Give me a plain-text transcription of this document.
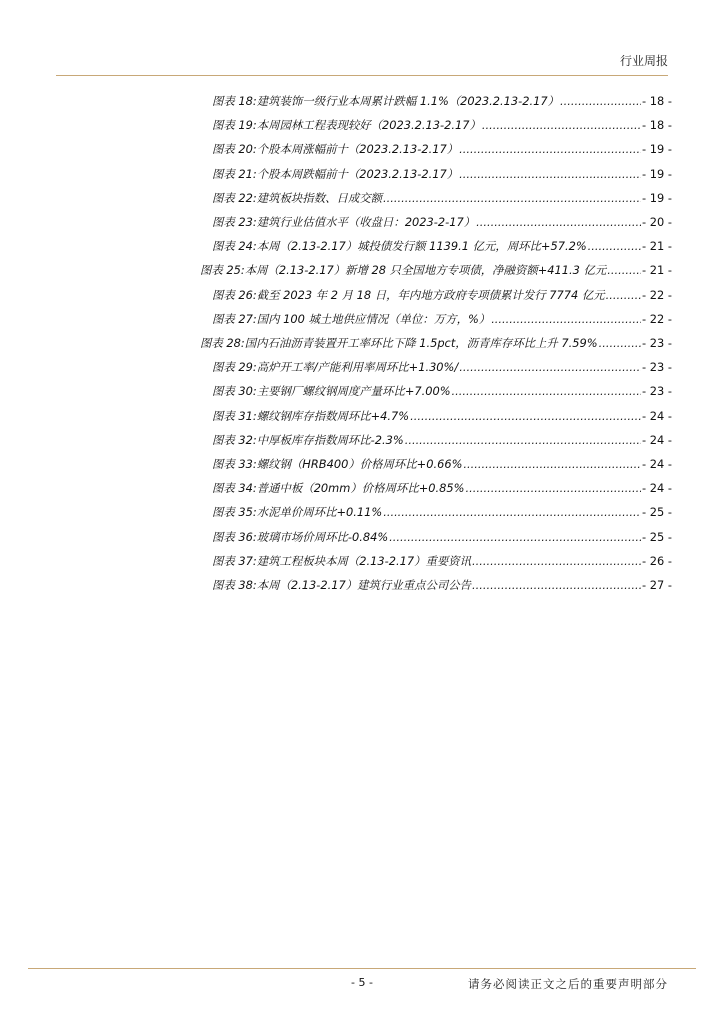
行业周报
图表 18: 建筑装饰一级行业本周累计跌幅 1.1%（2023.2.13-2.17） .....	- 18 -
图表 19: 本周园林工程表现较好（2023.2.13-2.17） .....	- 18 -
图表 20: 个股本周涨幅前十（2023.2.13-2.17） .....	- 19 -
图表 21: 个股本周跌幅前十（2023.2.13-2.17） .....	- 19 -
图表 22: 建筑板块指数、日成交额 .....	- 19 -
图表 23: 建筑行业估值水平（收盘日：2023-2-17） .....	- 20 -
图表 24: 本周（2.13-2.17）城投债发行额 1139.1 亿元，周环比+57.2% .....	- 21 -
图表 25: 本周（2.13-2.17）新增 28 只全国地方专项债，净融资额+411.3 亿元 .....	- 21 -
图表 26: 截至 2023 年 2 月 18 日，年内地方政府专项债累计发行 7774 亿元 .....	- 22 -
图表 27: 国内 100 城土地供应情况（单位：万方，%） .....	- 22 -
图表 28: 国内石油沥青装置开工率环比下降 1.5pct，沥青库存环比上升 7.59% .....	- 23 -
图表 29: 高炉开工率/产能利用率周环比+1.30%/ .....	- 23 -
图表 30: 主要钢厂螺纹钢周度产量环比+7.00% .....	- 23 -
图表 31: 螺纹钢库存指数周环比+4.7% .....	- 24 -
图表 32: 中厚板库存指数周环比-2.3% .....	- 24 -
图表 33: 螺纹钢（HRB400）价格周环比+0.66% .....	- 24 -
图表 34: 普通中板（20mm）价格周环比+0.85% .....	- 24 -
图表 35: 水泥单价周环比+0.11% .....	- 25 -
图表 36: 玻璃市场价周环比-0.84% .....	- 25 -
图表 37: 建筑工程板块本周（2.13-2.17）重要资讯 .....	- 26 -
图表 38: 本周（2.13-2.17）建筑行业重点公司公告 .....	- 27 -
- 5 -	请务必阅读正文之后的重要声明部分
